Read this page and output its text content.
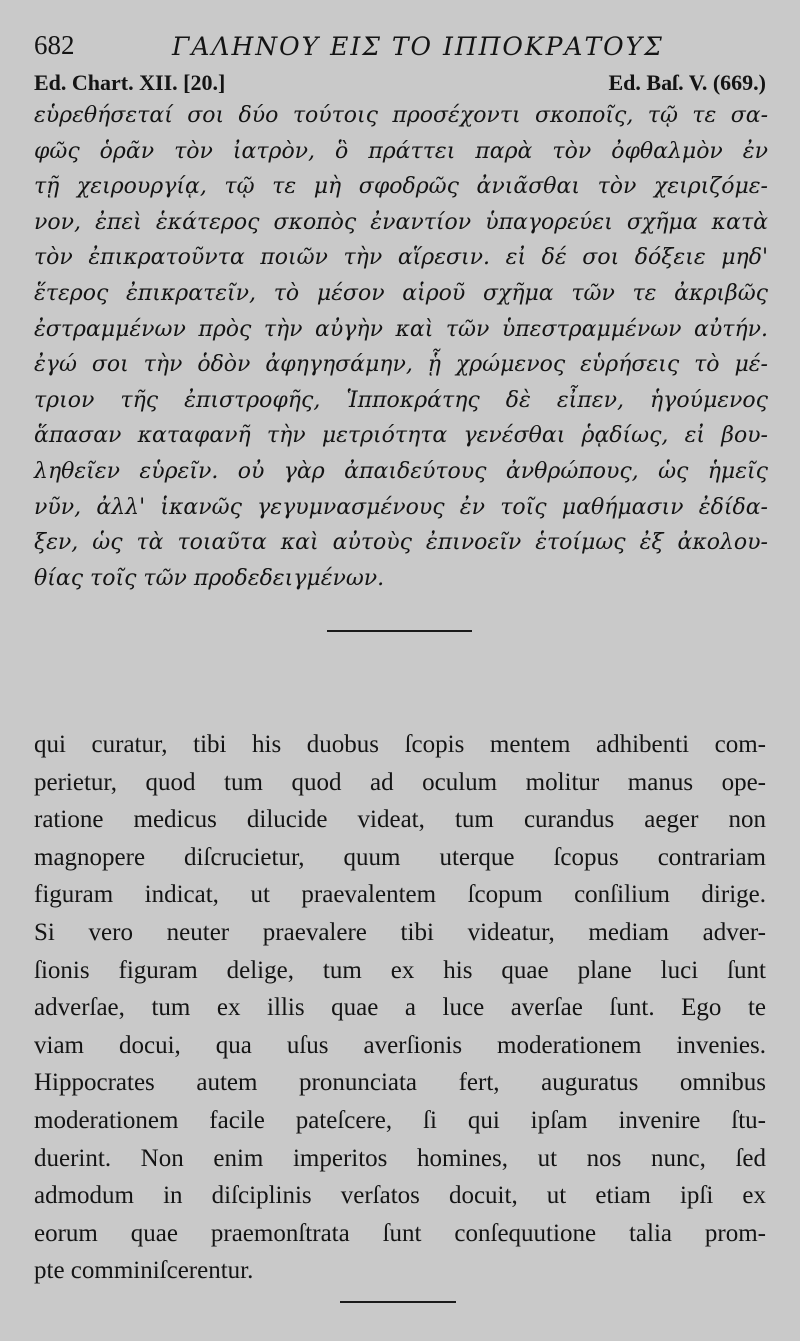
682	ΓΑΛΗΝΟΥ ΕΙΣ ΤΟ ΙΠΠΟΚΡΑΤΟΥΣ
Ed. Chart. XII. [20.]	Ed. Baſ. V. (669.)
εὑρεθήσεταί σοι δύο τούτοις προσέχοντι σκοποῖς, τῷ τε σα-
φῶς ὁρᾶν τὸν ἰατρὸν, ὃ πράττει παρὰ τὸν ὀφθαλμὸν ἐν
τῇ χειρουργίᾳ, τῷ τε μὴ σφοδρῶς ἀνιᾶσθαι τὸν χειριζόμε-
νον, ἐπεὶ ἑκάτερος σκοπὸς ἐναντίον ὑπαγορεύει σχῆμα κατὰ
τὸν ἐπικρατοῦντα ποιῶν τὴν αἵρεσιν. εἰ δέ σοι δόξειε μηδ'
ἕτερος ἐπικρατεῖν, τὸ μέσον αἱροῦ σχῆμα τῶν τε ἀκριβῶς
ἐστραμμένων πρὸς τὴν αὐγὴν καὶ τῶν ὑπεστραμμένων αὐτήν.
ἐγώ σοι τὴν ὁδὸν ἀφηγησάμην, ᾗ χρώμενος εὑρήσεις τὸ μέ-
τριον τῆς ἐπιστροφῆς, Ἱπποκράτης δὲ εἶπεν, ἡγούμενος
ἅπασαν καταφανῆ τὴν μετριότητα γενέσθαι ῥᾳδίως, εἰ βου-
ληθεῖεν εὑρεῖν. οὐ γὰρ ἀπαιδεύτους ἀνθρώπους, ὡς ἡμεῖς
νῦν, ἀλλ' ἱκανῶς γεγυμνασμένους ἐν τοῖς μαθήμασιν ἐδίδα-
ξεν, ὡς τὰ τοιαῦτα καὶ αὐτοὺς ἐπινοεῖν ἑτοίμως ἐξ ἀκολου-
θίας τοῖς τῶν προδεδειγμένων.
qui curatur, tibi his duobus ſcopis mentem adhibenti com-
perietur, quod tum quod ad oculum molitur manus ope-
ratione medicus dilucide videat, tum curandus aeger non
magnopere diſcrucietur, quum uterque ſcopus contrariam
figuram indicat, ut praevalentem ſcopum conſilium dirige.
Si vero neuter praevalere tibi videatur, mediam adver-
ſionis figuram delige, tum ex his quae plane luci ſunt
adverſae, tum ex illis quae a luce averſae ſunt. Ego te
viam docui, qua uſus averſionis moderationem invenies.
Hippocrates autem pronunciata fert, auguratus omnibus
moderationem facile pateſcere, ſi qui ipſam invenire ſtu-
duerint. Non enim imperitos homines, ut nos nunc, ſed
admodum in diſciplinis verſatos docuit, ut etiam ipſi ex
eorum quae praemonſtrata ſunt conſequutione talia prom-
pte comminiſcerentur.
